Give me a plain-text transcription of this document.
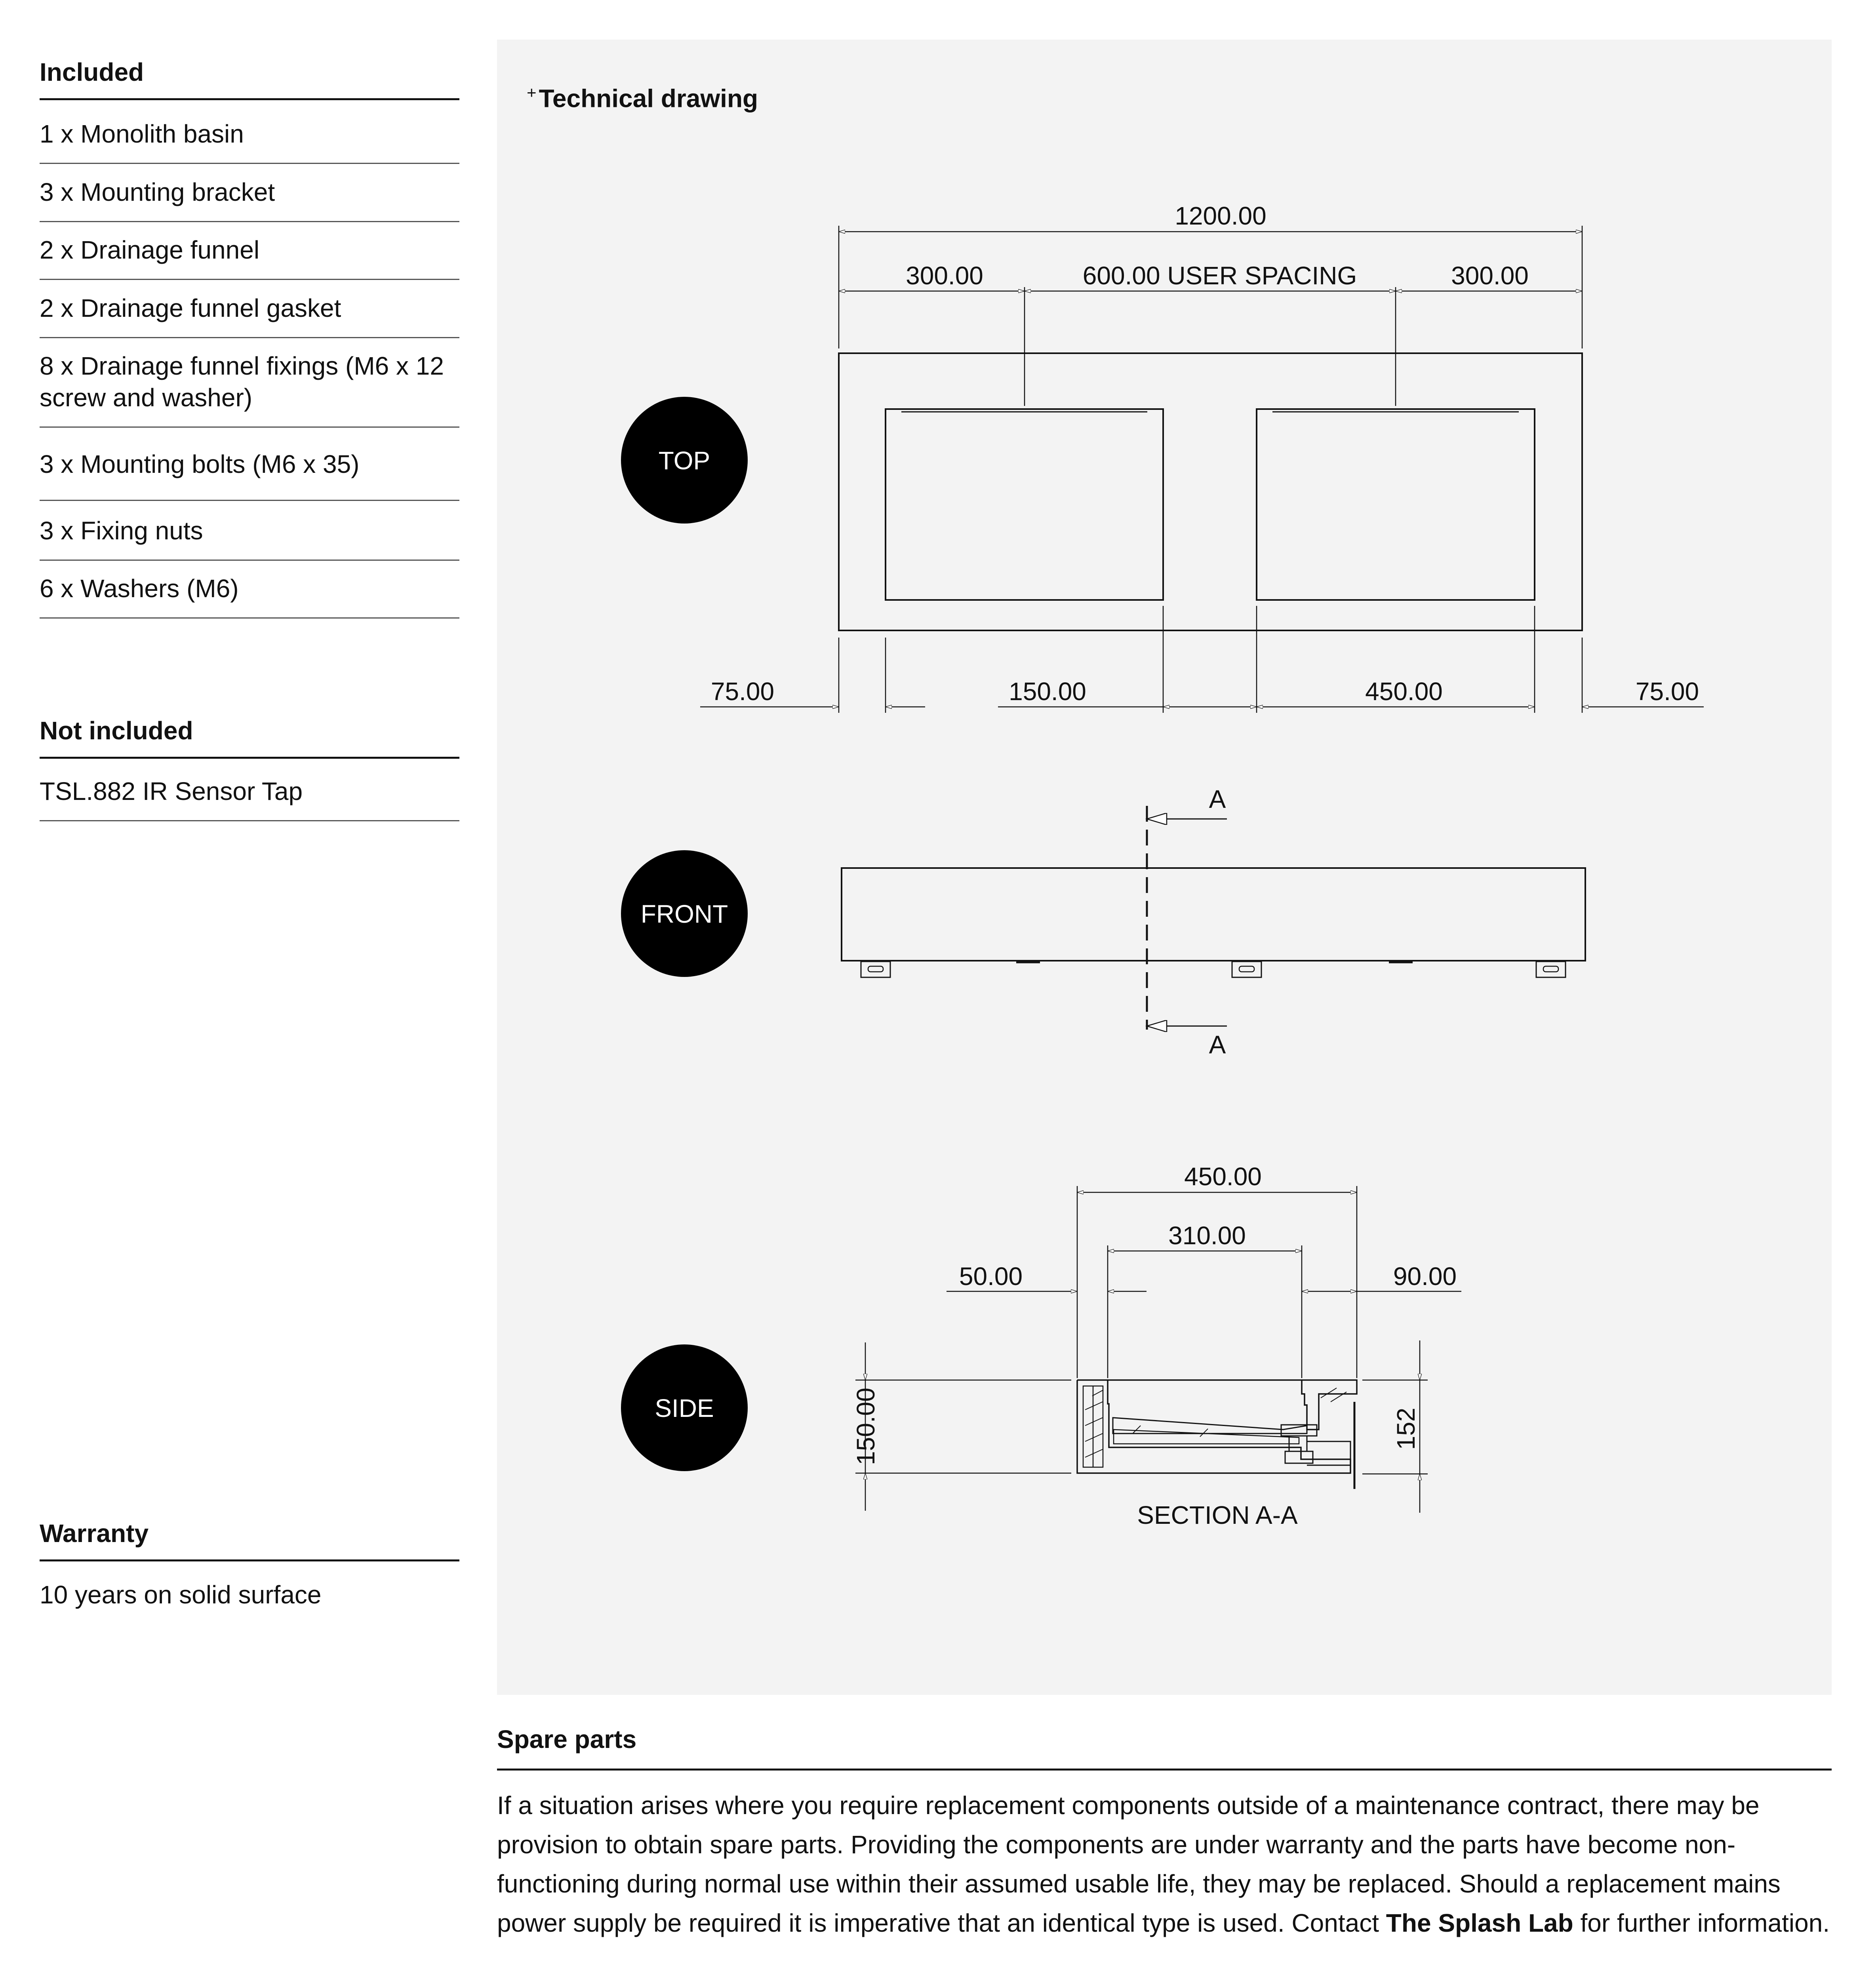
Included
1 x Monolith basin
3 x Mounting bracket
2 x Drainage funnel
2 x Drainage funnel gasket
8 x Drainage funnel fixings (M6 x 12 screw and washer)
3 x Mounting bolts (M6 x 35)
3 x Fixing nuts
6 x Washers (M6)
Not included
TSL.882 IR Sensor Tap
Warranty
10 years on solid surface
+Technical drawing
TOP
1200.00
300.00	600.00 USER SPACING	300.00
75.00	150.00	450.00	75.00
FRONT
A
A
SIDE
450.00
310.00
50.00	90.00
150.00	152
SECTION A-A
Spare parts
If a situation arises where you require replacement components outside of a maintenance contract, there may be provision to obtain spare parts. Providing the components are under warranty and the parts have become non-functioning during normal use within their assumed usable life, they may be replaced. Should a replacement mains power supply be required it is imperative that an identical type is used. Contact The Splash Lab for further information.
